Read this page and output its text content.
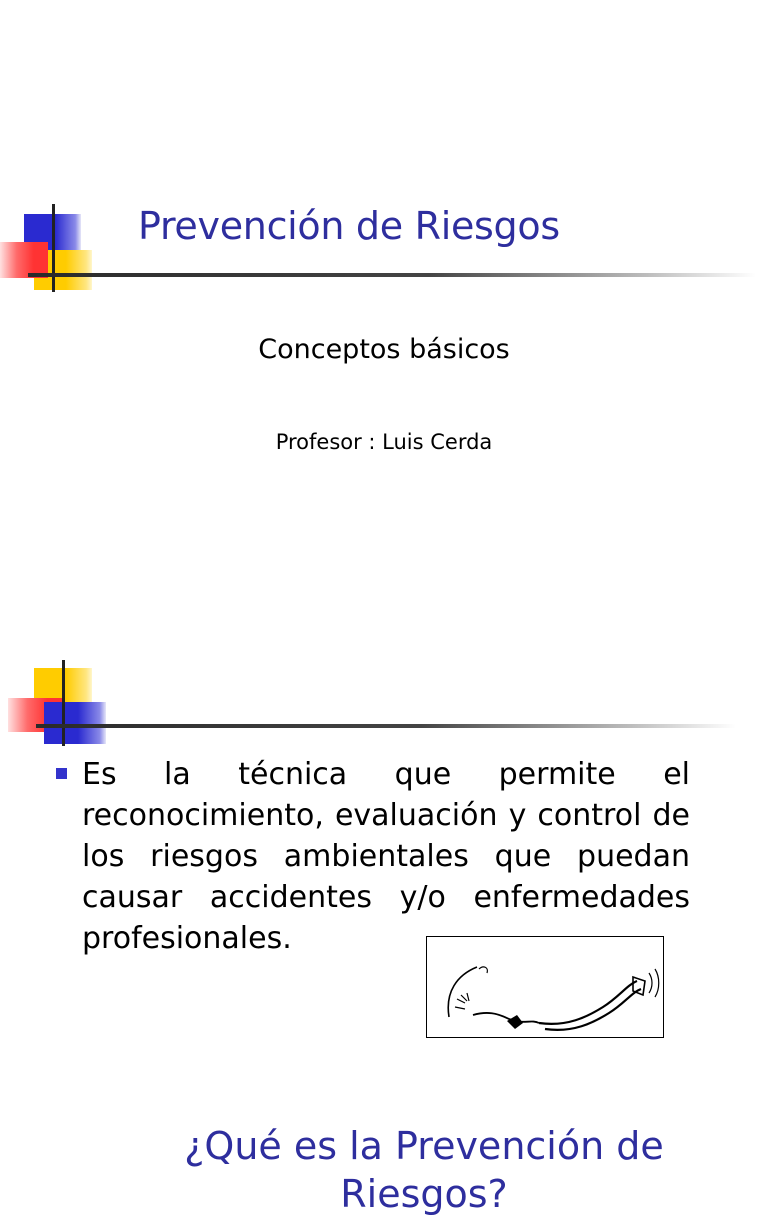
Prevención de Riesgos
Conceptos básicos
Profesor : Luis Cerda
¿Qué es la Prevención de
Riesgos?
Es la técnica que permite el reconocimiento, evaluación y control de los riesgos ambientales que puedan causar accidentes y/o enfermedades profesionales.
